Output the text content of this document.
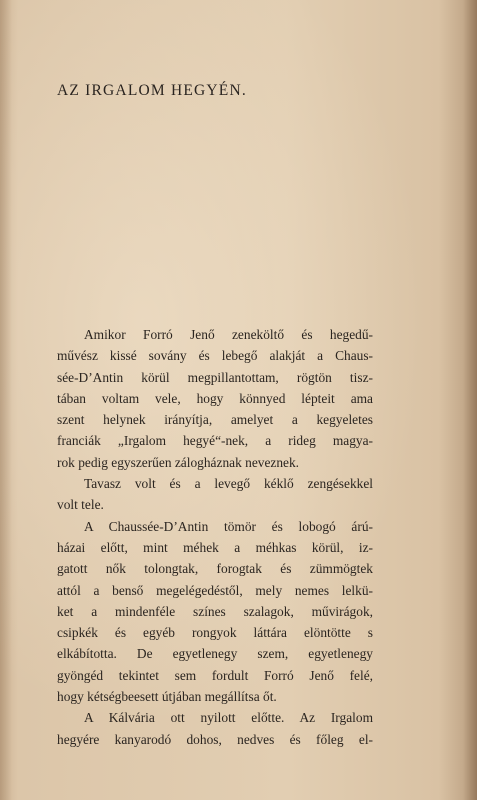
AZ IRGALOM HEGYÉN.

Amikor Forró Jenő zeneköltő és hegedű-

művész kissé sovány és lebegő alakját a Chaus-
sée-D’Antin körül megpillantottam, rögtön tisz-
tában voltam vele, hogy könnyed lépteit ama
szent helynek irányítja, amelyet a kegyeletes
franciák „Irgalom hegyé“-nek, a rideg magya-
rok pedig egyszerűen zálogháznak neveznek.

Tavasz volt és a levegő kéklő zengésekkel

volt tele.

A Chaussée-D’Antin tömör és lobogó árú-

házai előtt, mint méhek a méhkas körül, iz-
gatott nők tolongtak, forogtak és zümmögtek
attól a benső megelégedéstől, mely nemes lelkü-
ket a mindenféle színes szalagok, művirágok,
csipkék és egyéb rongyok láttára elöntötte s
elkábította. De egyetlenegy szem, egyetlenegy
gyöngéd tekintet sem fordult Forró Jenő felé,
hogy kétségbeesett útjában megállítsa őt.

A Kálvária ott nyilott előtte. Az Irgalom

hegyére kanyarodó dohos, nedves és főleg el-
